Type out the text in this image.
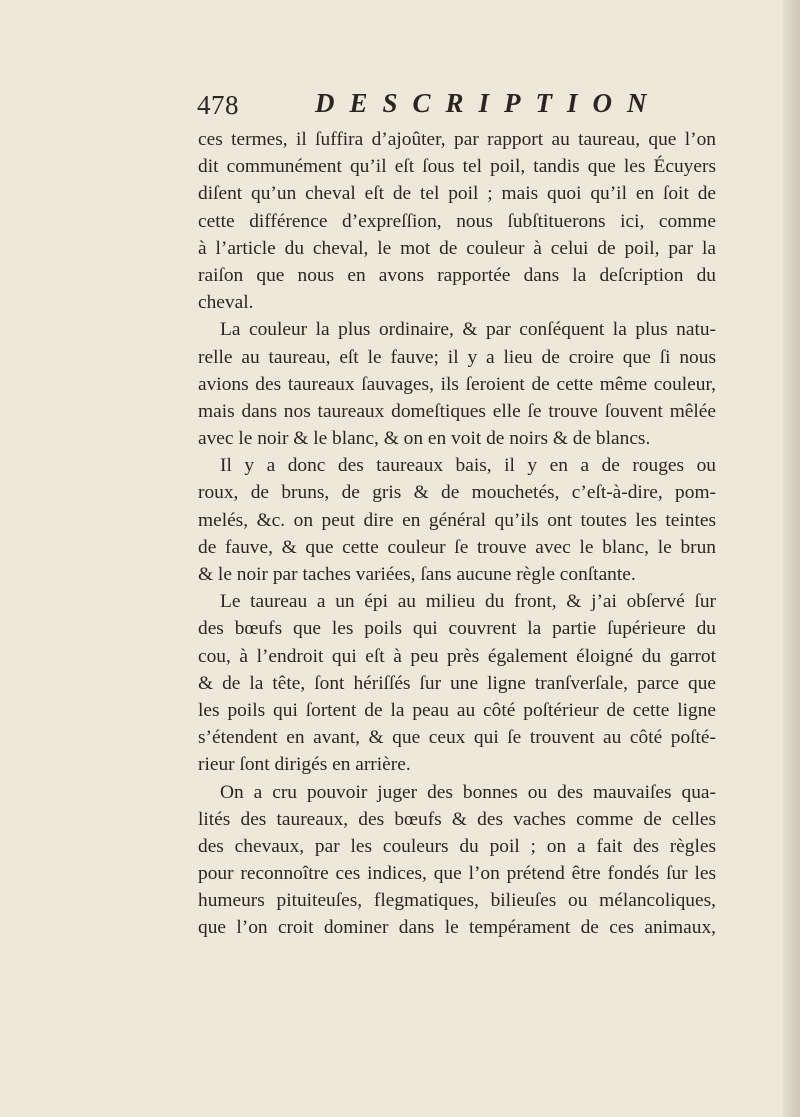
478	DESCRIPTION
ces termes, il ſuffira d’ajoûter, par rapport au taureau, que l’on
dit communément qu’il eſt ſous tel poil, tandis que les Écuyers
diſent qu’un cheval eſt de tel poil ; mais quoi qu’il en ſoit de
cette différence d’expreſſion, nous ſubſtituerons ici, comme
à l’article du cheval, le mot de couleur à celui de poil, par la
raiſon que nous en avons rapportée dans la deſcription du
cheval.
La couleur la plus ordinaire, & par conſéquent la plus natu-
relle au taureau, eſt le fauve; il y a lieu de croire que ſi nous
avions des taureaux ſauvages, ils ſeroient de cette même couleur,
mais dans nos taureaux domeſtiques elle ſe trouve ſouvent mêlée
avec le noir & le blanc, & on en voit de noirs & de blancs.
Il y a donc des taureaux bais, il y en a de rouges ou
roux, de bruns, de gris & de mouchetés, c’eſt-à-dire, pom-
melés, &c. on peut dire en général qu’ils ont toutes les teintes
de fauve, & que cette couleur ſe trouve avec le blanc, le brun
& le noir par taches variées, ſans aucune règle conſtante.
Le taureau a un épi au milieu du front, & j’ai obſervé ſur
des bœufs que les poils qui couvrent la partie ſupérieure du
cou, à l’endroit qui eſt à peu près également éloigné du garrot
& de la tête, ſont hériſſés ſur une ligne tranſverſale, parce que
les poils qui ſortent de la peau au côté poſtérieur de cette ligne
s’étendent en avant, & que ceux qui ſe trouvent au côté poſté-
rieur ſont dirigés en arrière.
On a cru pouvoir juger des bonnes ou des mauvaiſes qua-
lités des taureaux, des bœufs & des vaches comme de celles
des chevaux, par les couleurs du poil ; on a fait des règles
pour reconnoître ces indices, que l’on prétend être fondés ſur les
humeurs pituiteuſes, flegmatiques, bilieuſes ou mélancoliques,
que l’on croit dominer dans le tempérament de ces animaux,
